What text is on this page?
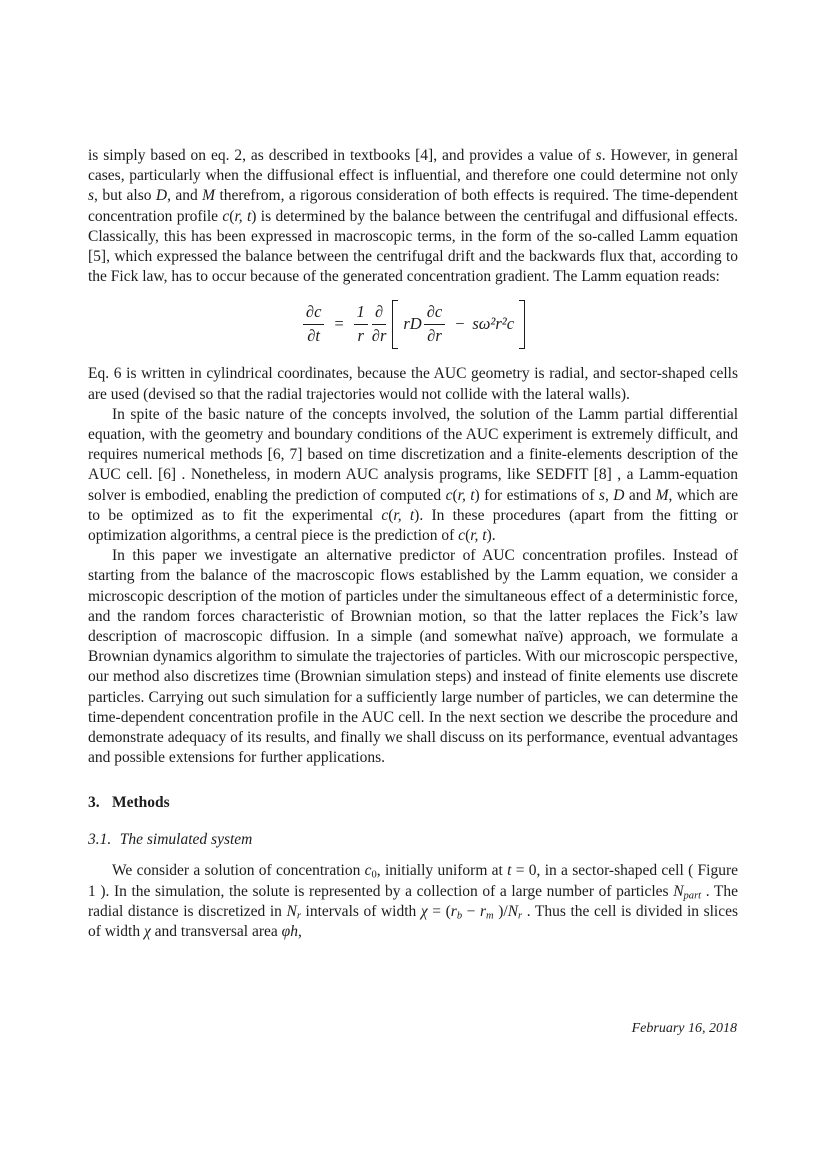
is simply based on eq. 2, as described in textbooks [4], and provides a value of s. However, in general cases, particularly when the diffusional effect is influential, and therefore one could determine not only s, but also D, and M therefrom, a rigorous consideration of both effects is required. The time-dependent concentration profile c(r, t) is determined by the balance between the centrifugal and diffusional effects. Classically, this has been expressed in macroscopic terms, in the form of the so-called Lamm equation [5], which expressed the balance between the centrifugal drift and the backwards flux that, according to the Fick law, has to occur because of the generated concentration gradient. The Lamm equation reads:

$\frac{\partial c}{\partial t} = \frac{1}{r} \frac{\partial}{\partial r}$ rD $\frac{\partial c}{\partial r} - s\omega^2r^2c$

Eq. 6 is written in cylindrical coordinates, because the AUC geometry is radial, and sector-shaped cells are used (devised so that the radial trajectories would not collide with the lateral walls).

In spite of the basic nature of the concepts involved, the solution of the Lamm partial differential equation, with the geometry and boundary conditions of the AUC experiment is extremely difficult, and requires numerical methods [6, 7] based on time discretization and a finite-elements description of the AUC cell. [6] . Nonetheless, in modern AUC analysis programs, like SEDFIT [8] , a Lamm-equation solver is embodied, enabling the prediction of computed c(r, t) for estimations of s, D and M, which are to be optimized as to fit the experimental c(r, t). In these procedures (apart from the fitting or optimization algorithms, a central piece is the prediction of c(r, t).

In this paper we investigate an alternative predictor of AUC concentration profiles. Instead of starting from the balance of the macroscopic flows established by the Lamm equation, we consider a microscopic description of the motion of particles under the simultaneous effect of a deterministic force, and the random forces characteristic of Brownian motion, so that the latter replaces the Fick’s law description of macroscopic diffusion. In a simple (and somewhat naïve) approach, we formulate a Brownian dynamics algorithm to simulate the trajectories of particles. With our microscopic perspective, our method also discretizes time (Brownian simulation steps) and instead of finite elements use discrete particles. Carrying out such simulation for a sufficiently large number of particles, we can determine the time-dependent concentration profile in the AUC cell. In the next section we describe the procedure and demonstrate adequacy of its results, and finally we shall discuss on its performance, eventual advantages and possible extensions for further applications.

3. Methods
3.1. The simulated system

We consider a solution of concentration $c_0$, initially uniform at t = 0, in a sector-shaped cell ( Figure 1 ). In the simulation, the solute is represented by a collection of a large number of particles $N_{part}$ . The radial distance is discretized in $N_r$ intervals of width $\chi = (r_b - r_m$ )$/N_r$ . Thus the cell is divided in slices of width χ and transversal area φh,

February 16, 2018
